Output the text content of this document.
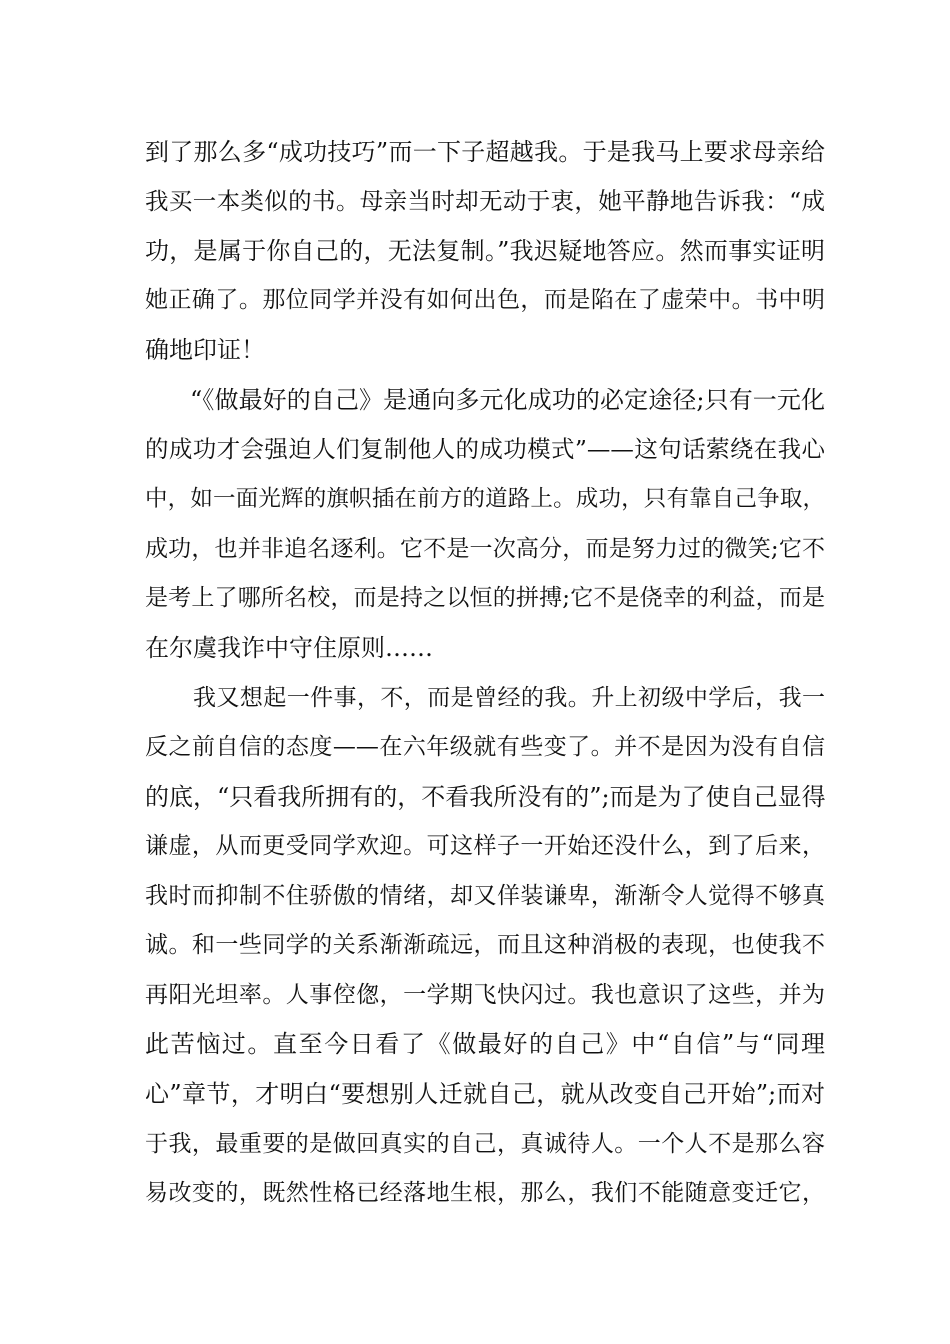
到了那么多“成功技巧”而一下子超越我。于是我马上要求母亲给
我买一本类似的书。母亲当时却无动于衷，她平静地告诉我：“成
功，是属于你自己的，无法复制。”我迟疑地答应。然而事实证明
她正确了。那位同学并没有如何出色，而是陷在了虚荣中。书中明
确地印证！
“《做最好的自己》是通向多元化成功的必定途径;只有一元化
的成功才会强迫人们复制他人的成功模式”——这句话萦绕在我心
中，如一面光辉的旗帜插在前方的道路上。成功，只有靠自己争取，
成功，也并非追名逐利。它不是一次高分，而是努力过的微笑;它不
是考上了哪所名校，而是持之以恒的拼搏;它不是侥幸的利益，而是
在尔虞我诈中守住原则……
我又想起一件事，不，而是曾经的我。升上初级中学后，我一
反之前自信的态度——在六年级就有些变了。并不是因为没有自信
的底，“只看我所拥有的，不看我所没有的”;而是为了使自己显得
谦虚，从而更受同学欢迎。可这样子一开始还没什么，到了后来，
我时而抑制不住骄傲的情绪，却又佯装谦卑，渐渐令人觉得不够真
诚。和一些同学的关系渐渐疏远，而且这种消极的表现，也使我不
再阳光坦率。人事倥偬，一学期飞快闪过。我也意识了这些，并为
此苦恼过。直至今日看了《做最好的自己》中“自信”与“同理
心”章节，才明白“要想别人迁就自己，就从改变自己开始”;而对
于我，最重要的是做回真实的自己，真诚待人。一个人不是那么容
易改变的，既然性格已经落地生根，那么，我们不能随意变迁它，
